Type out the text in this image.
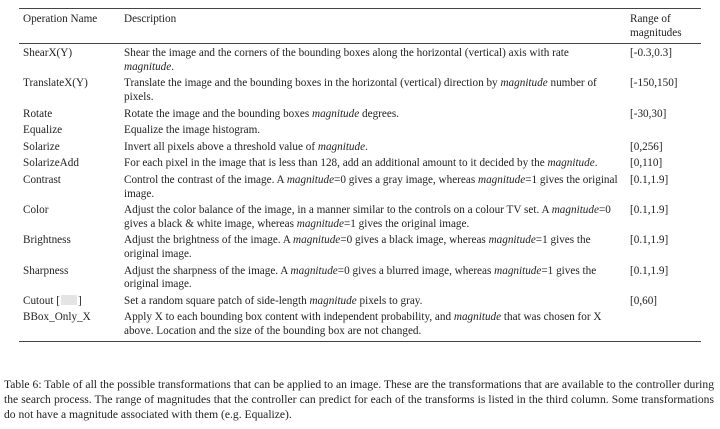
Operation Name	Description	Range of magnitudes
ShearX(Y)	Shear the image and the corners of the bounding boxes along the horizontal (vertical) axis with rate magnitude.	[-0.3,0.3]
TranslateX(Y)	Translate the image and the bounding boxes in the horizontal (vertical) direction by magnitude number of pixels.	[-150,150]
Rotate	Rotate the image and the bounding boxes magnitude degrees.	[-30,30]
Equalize	Equalize the image histogram.	
Solarize	Invert all pixels above a threshold value of magnitude.	[0,256]
SolarizeAdd	For each pixel in the image that is less than 128, add an additional amount to it decided by the magnitude.	[0,110]
Contrast	Control the contrast of the image. A magnitude=0 gives a gray image, whereas magnitude=1 gives the original image.	[0.1,1.9]
Color	Adjust the color balance of the image, in a manner similar to the controls on a colour TV set. A magnitude=0 gives a black & white image, whereas magnitude=1 gives the original image.	[0.1,1.9]
Brightness	Adjust the brightness of the image. A magnitude=0 gives a black image, whereas magnitude=1 gives the original image.	[0.1,1.9]
Sharpness	Adjust the sharpness of the image. A magnitude=0 gives a blurred image, whereas magnitude=1 gives the original image.	[0.1,1.9]
Cutout [ ]	Set a random square patch of side-length magnitude pixels to gray.	[0,60]
BBox_Only_X	Apply X to each bounding box content with independent probability, and magnitude that was chosen for X above. Location and the size of the bounding box are not changed.	

Table 6: Table of all the possible transformations that can be applied to an image. These are the transformations that are available to the controller during the search process. The range of magnitudes that the controller can predict for each of the transforms is listed in the third column. Some transformations do not have a magnitude associated with them (e.g. Equalize).
